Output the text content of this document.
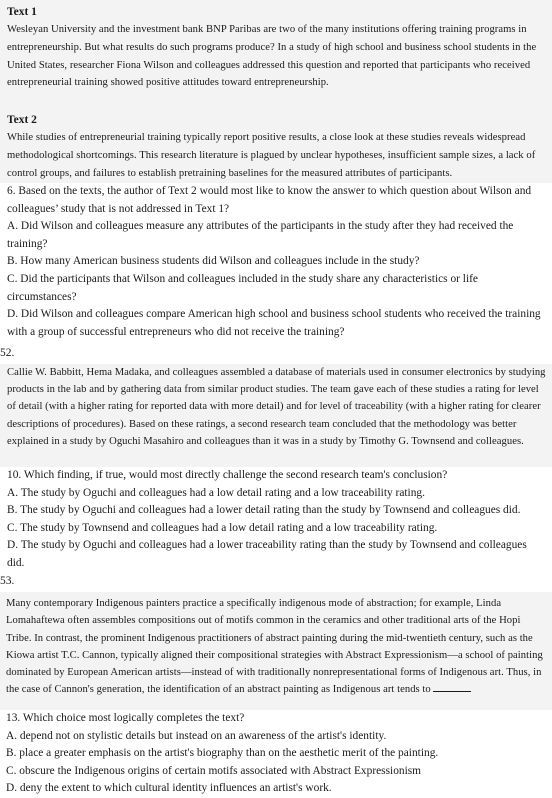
Text 1

Wesleyan University and the investment bank BNP Paribas are two of the many institutions offering training programs in entrepreneurship. But what results do such programs produce? In a study of high school and business school students in the United States, researcher Fiona Wilson and colleagues addressed this question and reported that participants who received entrepreneurial training showed positive attitudes toward entrepreneurship.

Text 2

While studies of entrepreneurial training typically report positive results, a close look at these studies reveals widespread methodological shortcomings. This research literature is plagued by unclear hypotheses, insufficient sample sizes, a lack of control groups, and failures to establish pretraining baselines for the measured attributes of participants.

6. Based on the texts, the author of Text 2 would most like to know the answer to which question about Wilson and colleagues’ study that is not addressed in Text 1?

A. Did Wilson and colleagues measure any attributes of the participants in the study after they had received the training?

B. How many American business students did Wilson and colleagues include in the study?

C. Did the participants that Wilson and colleagues included in the study share any characteristics or life circumstances?

D. Did Wilson and colleagues compare American high school and business school students who received the training with a group of successful entrepreneurs who did not receive the training?

52.

Callie W. Babbitt, Hema Madaka, and colleagues assembled a database of materials used in consumer electronics by studying products in the lab and by gathering data from similar product studies. The team gave each of these studies a rating for level of detail (with a higher rating for reported data with more detail) and for level of traceability (with a higher rating for clearer descriptions of procedures). Based on these ratings, a second research team concluded that the methodology was better explained in a study by Oguchi Masahiro and colleagues than it was in a study by Timothy G. Townsend and colleagues.

10. Which finding, if true, would most directly challenge the second research team's conclusion?

A. The study by Oguchi and colleagues had a low detail rating and a low traceability rating.

B. The study by Oguchi and colleagues had a lower detail rating than the study by Townsend and colleagues did.

C. The study by Townsend and colleagues had a low detail rating and a low traceability rating.

D. The study by Oguchi and colleagues had a lower traceability rating than the study by Townsend and colleagues did.

53.

Many contemporary Indigenous painters practice a specifically indigenous mode of abstraction; for example, Linda Lomahaftewa often assembles compositions out of motifs common in the ceramics and other traditional arts of the Hopi Tribe. In contrast, the prominent Indigenous practitioners of abstract painting during the mid-twentieth century, such as the Kiowa artist T.C. Cannon, typically aligned their compositional strategies with Abstract Expressionism—a school of painting dominated by European American artists—instead of with traditionally nonrepresentational forms of Indigenous art. Thus, in the case of Cannon's generation, the identification of an abstract painting as Indigenous art tends to

13. Which choice most logically completes the text?

A. depend not on stylistic details but instead on an awareness of the artist's identity.

B. place a greater emphasis on the artist's biography than on the aesthetic merit of the painting.

C. obscure the Indigenous origins of certain motifs associated with Abstract Expressionism

D. deny the extent to which cultural identity influences an artist's work.
